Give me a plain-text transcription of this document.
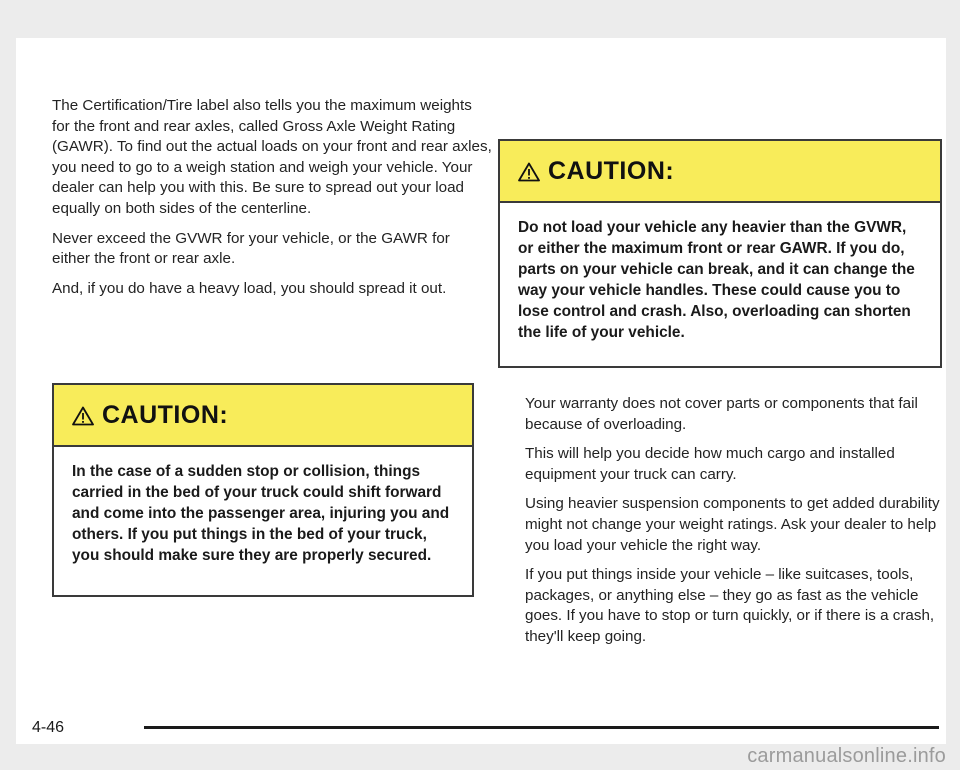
The Certification/Tire label also tells you the maximum weights for the front and rear axles, called Gross Axle Weight Rating (GAWR). To find out the actual loads on your front and rear axles, you need to go to a weigh station and weigh your vehicle. Your dealer can help you with this. Be sure to spread out your load equally on both sides of the centerline.

Never exceed the GVWR for your vehicle, or the GAWR for either the front or rear axle.

And, if you do have a heavy load, you should spread it out.

CAUTION:
In the case of a sudden stop or collision, things carried in the bed of your truck could shift forward and come into the passenger area, injuring you and others. If you put things in the bed of your truck, you should make sure they are properly secured.
CAUTION:
Do not load your vehicle any heavier than the GVWR, or either the maximum front or rear GAWR. If you do, parts on your vehicle can break, and it can change the way your vehicle handles. These could cause you to lose control and crash. Also, overloading can shorten the life of your vehicle.

Your warranty does not cover parts or components that fail because of overloading.

This will help you decide how much cargo and installed equipment your truck can carry.

Using heavier suspension components to get added durability might not change your weight ratings. Ask your dealer to help you load your vehicle the right way.

If you put things inside your vehicle – like suitcases, tools, packages, or anything else – they go as fast as the vehicle goes. If you have to stop or turn quickly, or if there is a crash, they'll keep going.

4-46
carmanualsonline.info
